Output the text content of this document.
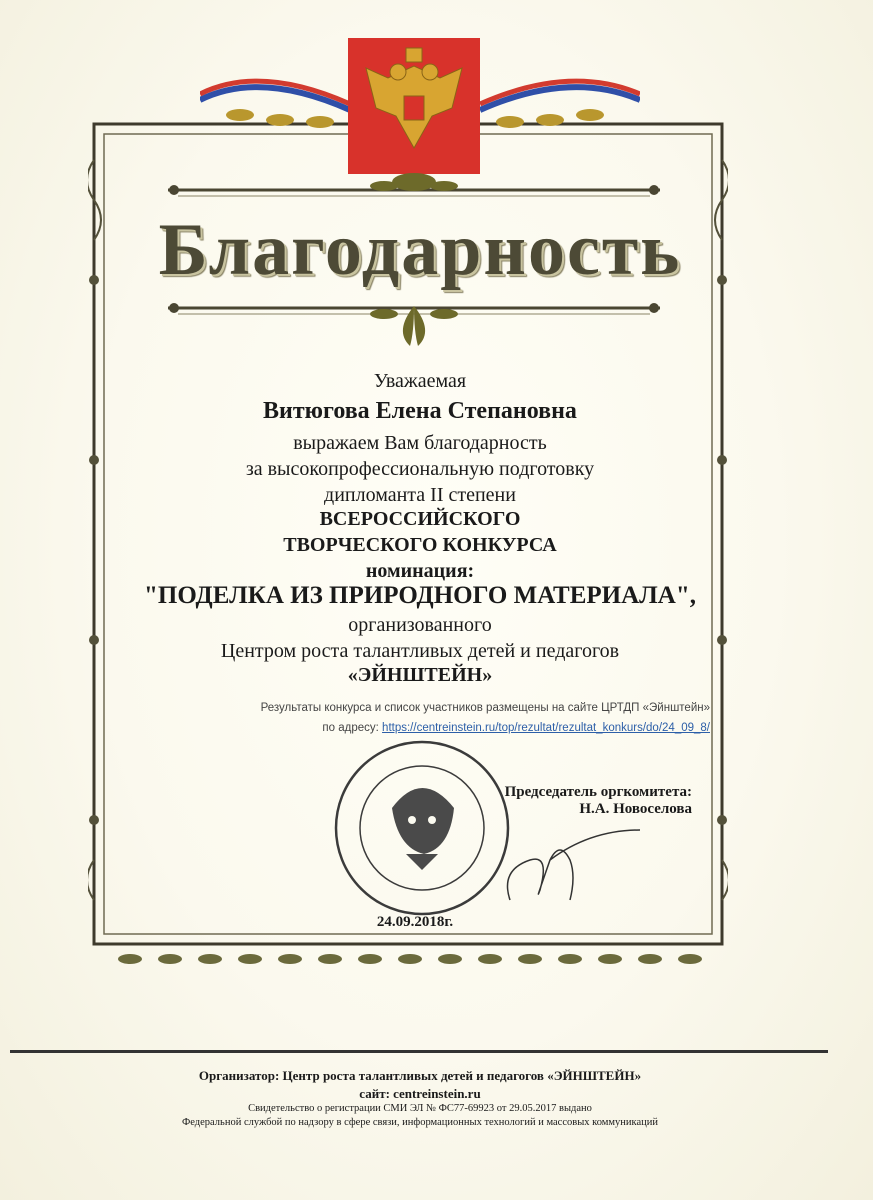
Благодарность
Уважаемая
Витюгова Елена Степановна
выражаем Вам благодарность
за высокопрофессиональную подготовку
дипломанта II степени
ВСЕРОССИЙСКОГО
ТВОРЧЕСКОГО КОНКУРСА
номинация:
"ПОДЕЛКА ИЗ ПРИРОДНОГО МАТЕРИАЛА",
организованного
Центром роста талантливых детей и педагогов
«ЭЙНШТЕЙН»
Результаты конкурса и список участников размещены на сайте ЦРТДП «Эйнштейн»
по адресу: https://centreinstein.ru/top/rezultat/rezultat_konkurs/do/24_09_8/
Председатель оргкомитета:
Н.А. Новоселова
24.09.2018г.
Организатор: Центр роста талантливых детей и педагогов «ЭЙНШТЕЙН»
сайт: centreinstein.ru
Свидетельство о регистрации СМИ ЭЛ № ФС77-69923 от 29.05.2017 выдано
Федеральной службой по надзору в сфере связи, информационных технологий и массовых коммуникаций
